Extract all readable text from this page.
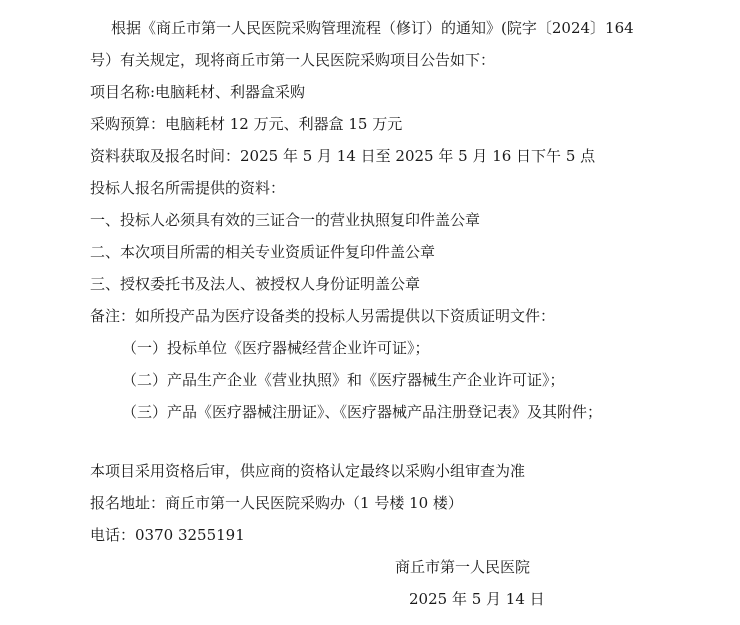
根据《商丘市第一人民医院采购管理流程（修订）的通知》(院字〔2024〕164
号）有关规定，现将商丘市第一人民医院采购项目公告如下：
项目名称:电脑耗材、利器盒采购
采购预算：电脑耗材 12 万元、利器盒 15 万元
资料获取及报名时间：2025 年 5 月 14 日至 2025 年 5 月 16 日下午 5 点
投标人报名所需提供的资料：
一、投标人必须具有效的三证合一的营业执照复印件盖公章
二、本次项目所需的相关专业资质证件复印件盖公章
三、授权委托书及法人、被授权人身份证明盖公章
备注：如所投产品为医疗设备类的投标人另需提供以下资质证明文件：
（一）投标单位《医疗器械经营企业许可证》；
（二）产品生产企业《营业执照》和《医疗器械生产企业许可证》；
（三）产品《医疗器械注册证》、《医疗器械产品注册登记表》及其附件；
本项目采用资格后审，供应商的资格认定最终以采购小组审查为准
报名地址：商丘市第一人民医院采购办（1 号楼 10 楼）
电话：0370 3255191
商丘市第一人民医院
2025 年 5 月 14 日
